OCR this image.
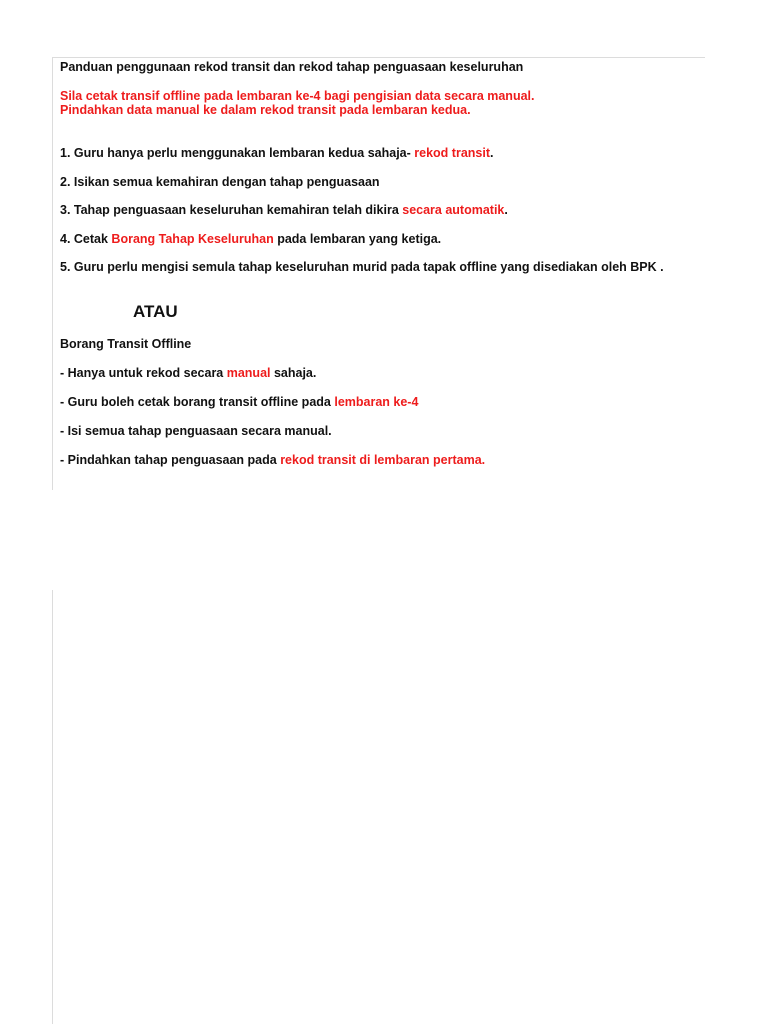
Panduan penggunaan rekod transit dan rekod tahap penguasaan keseluruhan
Sila cetak transif offline pada lembaran ke-4 bagi pengisian data secara manual.
Pindahkan data manual ke dalam rekod transit pada lembaran kedua.
1. Guru hanya perlu menggunakan lembaran kedua sahaja- rekod transit.
2. Isikan semua kemahiran dengan tahap penguasaan
3. Tahap penguasaan keseluruhan kemahiran telah dikira secara automatik.
4. Cetak Borang Tahap Keseluruhan pada lembaran yang ketiga.
5. Guru perlu mengisi semula tahap keseluruhan murid pada tapak offline yang disediakan oleh BPK .
ATAU
Borang Transit Offline
- Hanya untuk rekod secara manual sahaja.
- Guru boleh cetak borang transit offline pada lembaran ke-4
- Isi semua tahap penguasaan secara manual.
- Pindahkan tahap penguasaan pada rekod transit di lembaran pertama.
